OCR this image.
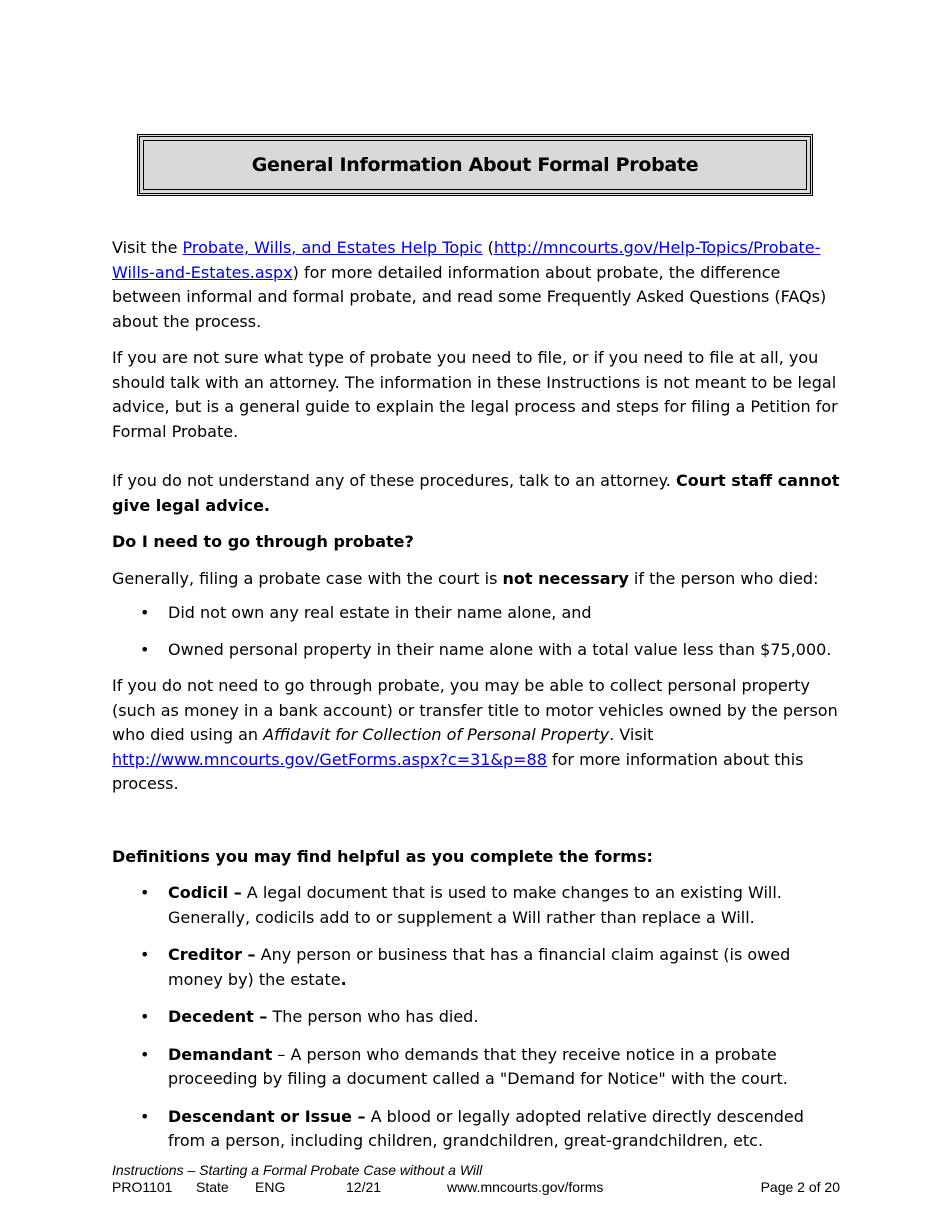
General Information About Formal Probate

Visit the Probate, Wills, and Estates Help Topic (http://mncourts.gov/Help-Topics/Probate-Wills-and-Estates.aspx) for more detailed information about probate, the difference between informal and formal probate, and read some Frequently Asked Questions (FAQs) about the process.

If you are not sure what type of probate you need to file, or if you need to file at all, you should talk with an attorney. The information in these Instructions is not meant to be legal advice, but is a general guide to explain the legal process and steps for filing a Petition for Formal Probate.

If you do not understand any of these procedures, talk to an attorney. Court staff cannot give legal advice.

Do I need to go through probate?

Generally, filing a probate case with the court is not necessary if the person who died:

• Did not own any real estate in their name alone, and
• Owned personal property in their name alone with a total value less than $75,000.

If you do not need to go through probate, you may be able to collect personal property (such as money in a bank account) or transfer title to motor vehicles owned by the person who died using an Affidavit for Collection of Personal Property. Visit
http://www.mncourts.gov/GetForms.aspx?c=31&p=88 for more information about this process.

Definitions you may find helpful as you complete the forms:

• Codicil – A legal document that is used to make changes to an existing Will. Generally, codicils add to or supplement a Will rather than replace a Will.
• Creditor – Any person or business that has a financial claim against (is owed money by) the estate.
• Decedent – The person who has died.
• Demandant – A person who demands that they receive notice in a probate proceeding by filing a document called a "Demand for Notice" with the court.
• Descendant or Issue – A blood or legally adopted relative directly descended from a person, including children, grandchildren, great-grandchildren, etc.
Instructions – Starting a Formal Probate Case without a Will
PRO1101 State ENG	12/21	www.mncourts.gov/forms	Page 2 of 20
